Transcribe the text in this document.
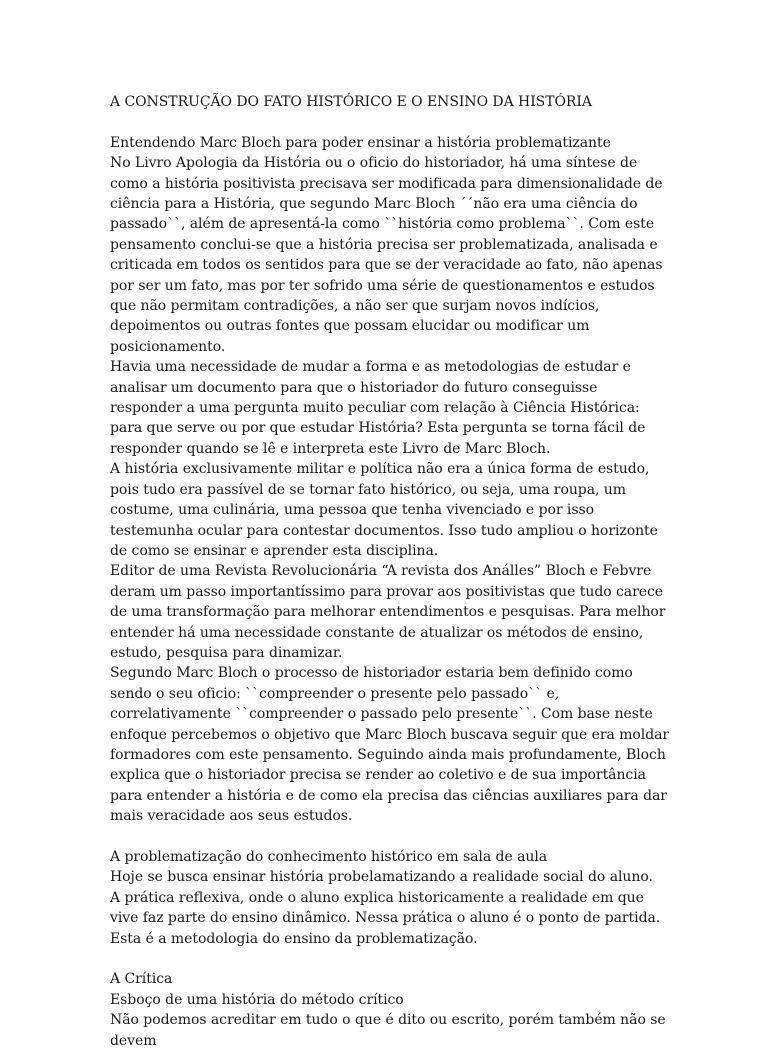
A CONSTRUÇÃO DO FATO HISTÓRICO E O ENSINO DA HISTÓRIA

Entendendo Marc Bloch para poder ensinar a história problematizante

No Livro Apologia da História ou o oficio do historiador, há uma síntese de como a história positivista precisava ser modificada para dimensionalidade de ciência para a História, que segundo Marc Bloch ´´não era uma ciência do passado``, além de apresentá-la como ``história como problema``. Com este pensamento conclui-se que a história precisa ser problematizada, analisada e criticada em todos os sentidos para que se der veracidade ao fato, não apenas por ser um fato, mas por ter sofrido uma série de questionamentos e estudos que não permitam contradições, a não ser que surjam novos indícios, depoimentos ou outras fontes que possam elucidar ou modificar um posicionamento.

Havia uma necessidade de mudar a forma e as metodologias de estudar e analisar um documento para que o historiador do futuro conseguisse responder a uma pergunta muito peculiar com relação à Ciência Histórica: para que serve ou por que estudar História? Esta pergunta se torna fácil de responder quando se lê e interpreta este Livro de Marc Bloch.

A história exclusivamente militar e política não era a única forma de estudo, pois tudo era passível de se tornar fato histórico, ou seja, uma roupa, um costume, uma culinária, uma pessoa que tenha vivenciado e por isso testemunha ocular para contestar documentos. Isso tudo ampliou o horizonte de como se ensinar e aprender esta disciplina.

Editor de uma Revista Revolucionária “A revista dos Análles” Bloch e Febvre deram um passo importantíssimo para provar aos positivistas que tudo carece de uma transformação para melhorar entendimentos e pesquisas. Para melhor entender há uma necessidade constante de atualizar os métodos de ensino, estudo, pesquisa para dinamizar.

Segundo Marc Bloch o processo de historiador estaria bem definido como sendo o seu oficio: ``compreender o presente pelo passado`` e, correlativamente ``compreender o passado pelo presente``. Com base neste enfoque percebemos o objetivo que Marc Bloch buscava seguir que era moldar formadores com este pensamento. Seguindo ainda mais profundamente, Bloch explica que o historiador precisa se render ao coletivo e de sua importância para entender a história e de como ela precisa das ciências auxiliares para dar mais veracidade aos seus estudos.

A problematização do conhecimento histórico em sala de aula

Hoje se busca ensinar história probelamatizando a realidade social do aluno.

A prática reflexiva, onde o aluno explica historicamente a realidade em que vive faz parte do ensino dinâmico. Nessa prática o aluno é o ponto de partida.

Esta é a metodologia do ensino da problematização.

A Crítica

Esboço de uma história do método crítico

Não podemos acreditar em tudo o que é dito ou escrito, porém também não se devem
